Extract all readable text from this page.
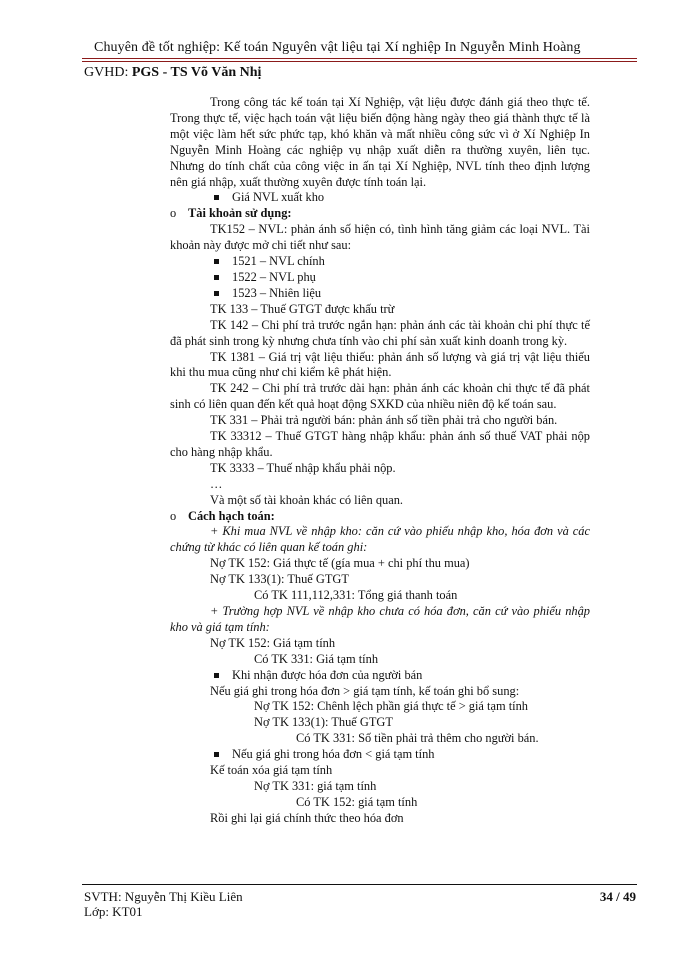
Chuyên đề tốt nghiệp: Kế toán Nguyên vật liệu tại Xí nghiệp In Nguyễn Minh Hoàng
GVHD: PGS - TS Võ Văn Nhị

Trong công tác kế toán tại Xí Nghiệp, vật liệu được đánh giá theo thực tế. Trong thực tế, việc hạch toán vật liệu biến động hàng ngày theo giá thành thực tế là một việc làm hết sức phức tạp, khó khăn và mất nhiều công sức vì ở Xí Nghiệp In Nguyễn Minh Hoàng các nghiệp vụ nhập xuất diễn ra thường xuyên, liên tục. Nhưng do tính chất của công việc in ấn tại Xí Nghiệp, NVL tính theo định lượng nên giá nhập, xuất thường xuyên được tính toán lại.

Giá NVL xuất kho
o Tài khoản sử dụng:

TK152 – NVL: phản ánh số hiện có, tình hình tăng giảm các loại NVL. Tài khoản này được mở chi tiết như sau:

1521 – NVL chính
1522 – NVL phụ
1523 – Nhiên liệu

TK 133 – Thuế GTGT được khấu trừ

TK 142 – Chi phí trả trước ngắn hạn: phản ánh các tài khoản chi phí thực tế đã phát sinh trong kỳ nhưng chưa tính vào chi phí sản xuất kinh doanh trong kỳ.

TK 1381 – Giá trị vật liệu thiếu: phản ánh số lượng và giá trị vật liệu thiếu khi thu mua cũng như chi kiểm kê phát hiện.

TK 242 – Chi phí trả trước dài hạn: phản ánh các khoản chi thực tế đã phát sinh có liên quan đến kết quả hoạt động SXKD của nhiều niên độ kế toán sau.

TK 331 – Phải trả người bán: phản ánh số tiền phải trả cho người bán.

TK 33312 – Thuế GTGT hàng nhập khẩu: phản ánh số thuế VAT phải nộp cho hàng nhập khẩu.

TK 3333 – Thuế nhập khẩu phải nộp.

…

Và một số tài khoản khác có liên quan.

o Cách hạch toán:

+ Khi mua NVL về nhập kho: căn cứ vào phiếu nhập kho, hóa đơn và các chứng từ khác có liên quan kế toán ghi:

Nợ TK 152: Giá thực tế (gía mua + chi phí thu mua)

Nợ TK 133(1): Thuế GTGT

Có TK 111,112,331: Tổng giá thanh toán

+ Trường hợp NVL về nhập kho chưa có hóa đơn, căn cứ vào phiếu nhập kho và giá tạm tính:

Nợ TK 152: Giá tạm tính

Có TK 331: Giá tạm tính

Khi nhận được hóa đơn của người bán

Nếu giá ghi trong hóa đơn > giá tạm tính, kế toán ghi bổ sung:

Nợ TK 152: Chênh lệch phần giá thực tế > giá tạm tính

Nợ TK 133(1): Thuế GTGT

Có TK 331: Số tiền phải trả thêm cho người bán.

Nếu giá ghi trong hóa đơn < giá tạm tính

Kế toán xóa giá tạm tính

Nợ TK 331: giá tạm tính

Có TK 152: giá tạm tính

Rồi ghi lại giá chính thức theo hóa đơn

SVTH: Nguyễn Thị Kiều Liên
Lớp: KT01
34 / 49
